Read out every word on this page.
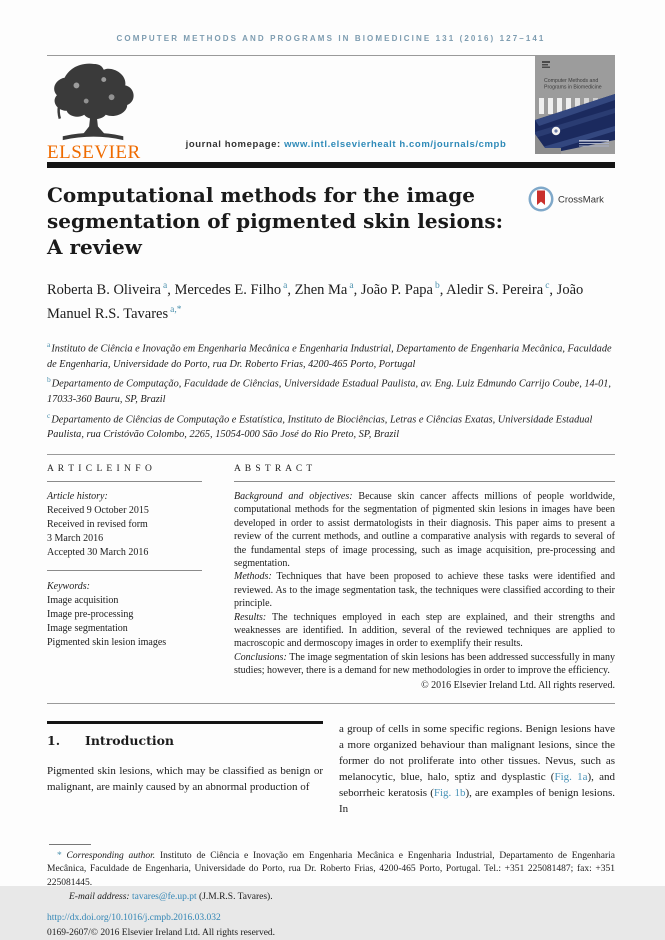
COMPUTER METHODS AND PROGRAMS IN BIOMEDICINE 131 (2016) 127–141
ELSEVIER	journal homepage: www.intl.elsevierhealt h.com/journals/cmpb
Computer Methods and
Programs in Biomedicine
Computational methods for the image
segmentation of pigmented skin lesions:
A review
CrossMark
Roberta B. Oliveira $^a$, Mercedes E. Filho $^a$, Zhen Ma $^a$, João P. Papa $^b$, Aledir S. Pereira $^c$, João Manuel R.S. Tavares $^{a,*}$
$^a$Instituto de Ciência e Inovação em Engenharia Mecânica e Engenharia Industrial, Departamento de Engenharia Mecânica, Faculdade de Engenharia, Universidade do Porto, rua Dr. Roberto Frias, 4200-465 Porto, Portugal
$^b$Departamento de Computação, Faculdade de Ciências, Universidade Estadual Paulista, av. Eng. Luiz Edmundo Carrijo Coube, 14-01, 17033-360 Bauru, SP, Brazil
$^c$Departamento de Ciências de Computação e Estatística, Instituto de Biociências, Letras e Ciências Exatas, Universidade Estadual Paulista, rua Cristóvão Colombo, 2265, 15054-000 São José do Rio Preto, SP, Brazil
A R T I C L E I N F O
Article history:
Received 9 October 2015
Received in revised form
3 March 2016
Accepted 30 March 2016
Keywords:
Image acquisition
Image pre-processing
Image segmentation
Pigmented skin lesion images
A B S T R A C T

Background and objectives: Because skin cancer affects millions of people worldwide, computational methods for the segmentation of pigmented skin lesions in images have been developed in order to assist dermatologists in their diagnosis. This paper aims to present a review of the current methods, and outline a comparative analysis with regards to several of the fundamental steps of image processing, such as image acquisition, pre-processing and segmentation.

Methods: Techniques that have been proposed to achieve these tasks were identified and reviewed. As to the image segmentation task, the techniques were classified according to their principle.

Results: The techniques employed in each step are explained, and their strengths and weaknesses are identified. In addition, several of the reviewed techniques are applied to macroscopic and dermoscopy images in order to exemplify their results.

Conclusions: The image segmentation of skin lesions has been addressed successfully in many studies; however, there is a demand for new methodologies in order to improve the efficiency.

© 2016 Elsevier Ireland Ltd. All rights reserved.
1. Introduction

Pigmented skin lesions, which may be classified as benign or malignant, are mainly caused by an abnormal production of

a group of cells in some specific regions. Benign lesions have a more organized behaviour than malignant lesions, since the former do not proliferate into other tissues. Nevus, such as melanocytic, blue, halo, sptiz and dysplastic (Fig. 1a), and seborrheic keratosis (Fig. 1b), are examples of benign lesions. In

* Corresponding author. Instituto de Ciência e Inovação em Engenharia Mecânica e Engenharia Industrial, Departamento de Engenharia Mecânica, Faculdade de Engenharia, Universidade do Porto, rua Dr. Roberto Frias, 4200-465 Porto, Portugal. Tel.: +351 225081487; fax: +351 225081445.

E-mail address: tavares@fe.up.pt (J.M.R.S. Tavares).
http://dx.doi.org/10.1016/j.cmpb.2016.03.032
0169-2607/© 2016 Elsevier Ireland Ltd. All rights reserved.
